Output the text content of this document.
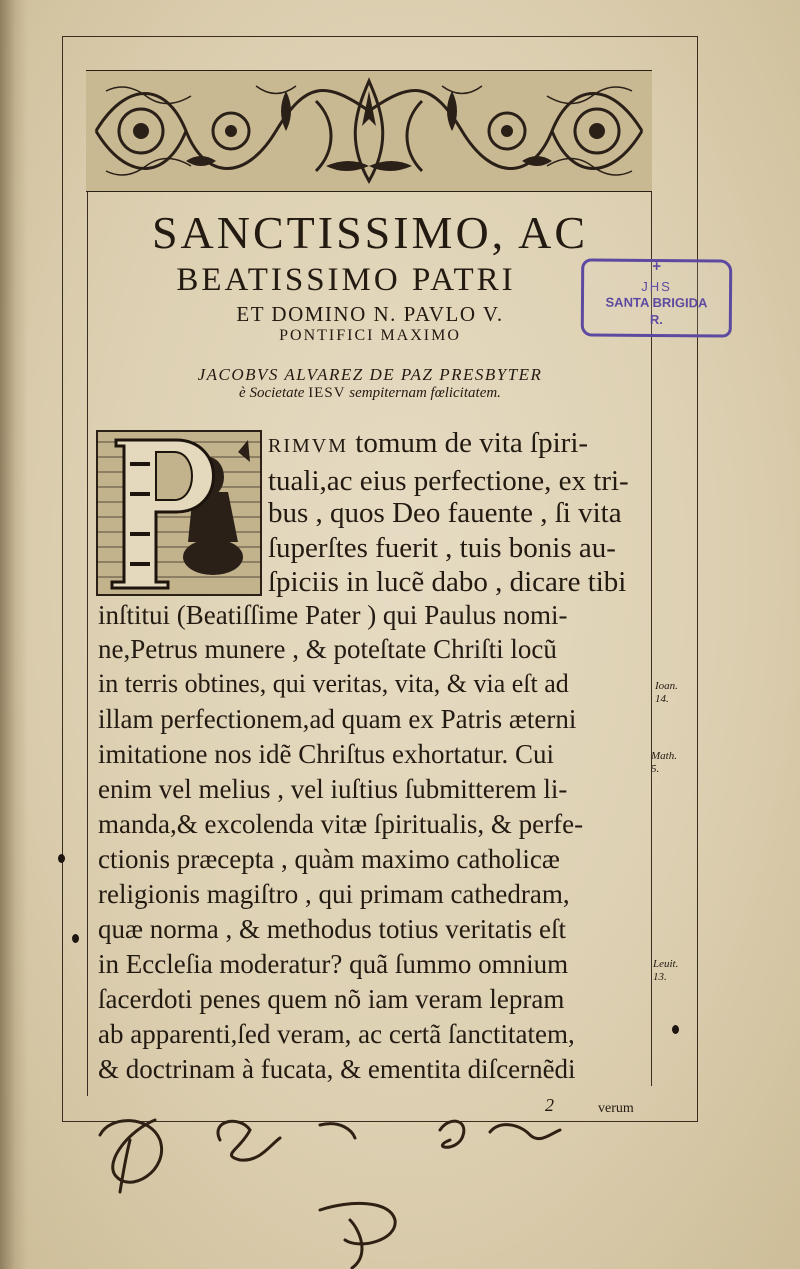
SANCTISSIMO, AC
BEATISSIMO PATRI
ET DOMINO N. PAVLO V.
PONTIFICI MAXIMO
JACOBVS ALVAREZ DE PAZ PRESBYTER
è Societate IESV sempiternam fœlicitatem.
+
JHS
SANTA BRIGIDA
R.
RIMVM tomum de vita ſpiri-
tuali,ac eius perfectione, ex tri-
bus , quos Deo fauente , ſi vita
ſuperſtes fuerit , tuis bonis au-
ſpiciis in lucẽ dabo , dicare tibi
inſtitui (Beatiſſime Pater ) qui Paulus nomi-
ne,Petrus munere , & poteſtate Chriſti locũ
in terris obtines, qui veritas, vita, & via eſt ad
illam perfectionem,ad quam ex Patris æterni
imitatione nos idẽ Chriſtus exhortatur. Cui
enim vel melius , vel iuſtius ſubmitterem li-
manda,& excolenda vitæ ſpiritualis, & perfe-
ctionis præcepta , quàm maximo catholicæ
religionis magiſtro , qui primam cathedram,
quæ norma , & methodus totius veritatis eſt
in Eccleſia moderatur? quã ſummo omnium
ſacerdoti penes quem nõ iam veram lepram
ab apparenti,ſed veram, ac certã ſanctitatem,
& doctrinam à fucata, & ementita diſcernẽdi
Ioan.
14.
Math.
5.
Leuit.
13.
2	verum
